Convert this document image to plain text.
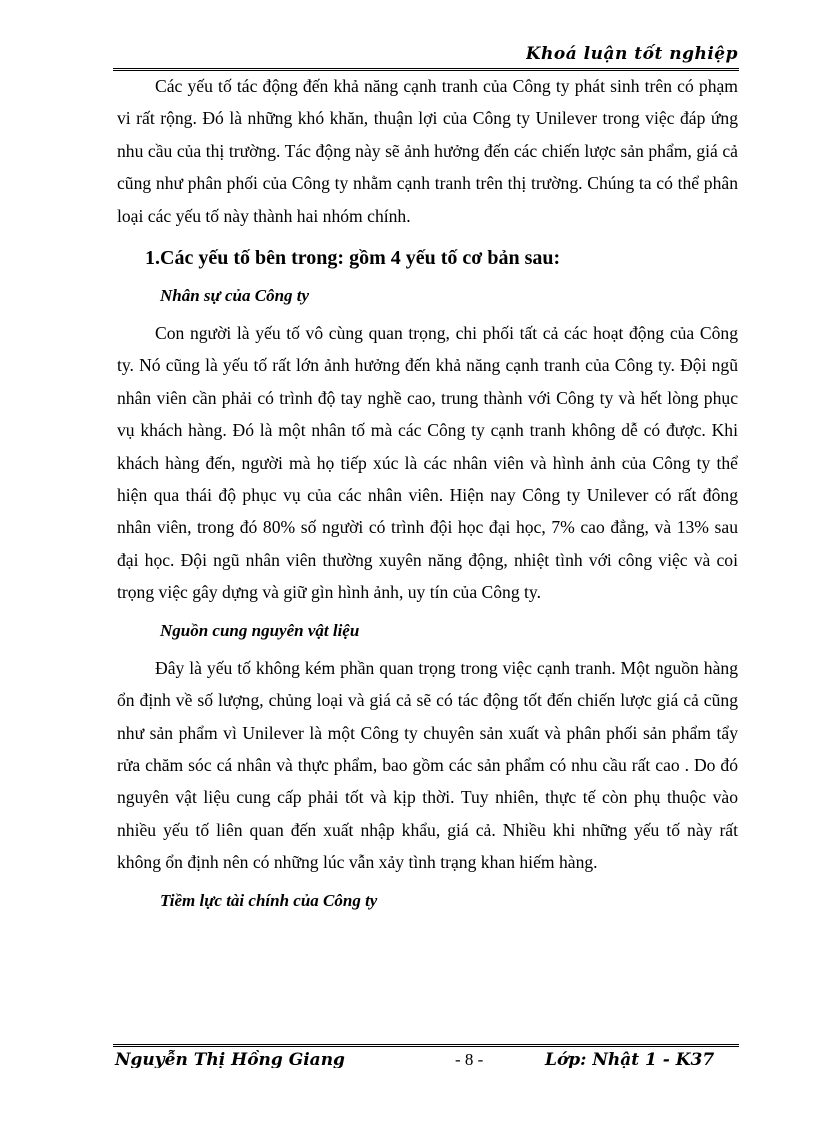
Khoá luận tốt nghiệp

Các yếu tố tác động đến khả năng cạnh tranh của Công ty phát sinh trên có phạm vi rất rộng. Đó là những khó khăn, thuận lợi của Công ty Unilever trong việc đáp ứng nhu cầu của thị trường. Tác động này sẽ ảnh hưởng đến các chiến lược sản phẩm, giá cả cũng như phân phối của Công ty nhằm cạnh tranh trên thị trường. Chúng ta có thể phân loại các yếu tố này thành hai nhóm chính.

1.Các yếu tố bên trong: gồm 4 yếu tố cơ bản sau:
Nhân sự của Công ty

Con người là yếu tố vô cùng quan trọng, chi phối tất cả các hoạt động của Công ty. Nó cũng là yếu tố rất lớn ảnh hưởng đến khả năng cạnh tranh của Công ty. Đội ngũ nhân viên cần phải có trình độ tay nghề cao, trung thành với Công ty và hết lòng phục vụ khách hàng. Đó là một nhân tố mà các Công ty cạnh tranh không dễ có được. Khi khách hàng đến, người mà họ tiếp xúc là các nhân viên và hình ảnh của Công ty thể hiện qua thái độ phục vụ của các nhân viên. Hiện nay Công ty Unilever có rất đông nhân viên, trong đó 80% số người có trình đội học đại học, 7% cao đẳng, và 13% sau đại học. Đội ngũ nhân viên thường xuyên năng động, nhiệt tình với công việc và coi trọng việc gây dựng và giữ gìn hình ảnh, uy tín của Công ty.

Nguồn cung nguyên vật liệu

Đây là yếu tố không kém phần quan trọng trong việc cạnh tranh. Một nguồn hàng ổn định về số lượng, chủng loại và giá cả sẽ có tác động tốt đến chiến lược giá cả cũng như sản phẩm vì Unilever là một Công ty chuyên sản xuất và phân phối sản phẩm tẩy rửa chăm sóc cá nhân và thực phẩm, bao gồm các sản phẩm có nhu cầu rất cao . Do đó nguyên vật liệu cung cấp phải tốt và kịp thời. Tuy nhiên, thực tế còn phụ thuộc vào nhiều yếu tố liên quan đến xuất nhập khẩu, giá cả. Nhiều khi những yếu tố này rất không ổn định nên có những lúc vẫn xảy tình trạng khan hiếm hàng.

Tiềm lực tài chính của Công ty
Nguyễn Thị Hồng Giang	- 8 -	Lớp: Nhật 1 - K37
